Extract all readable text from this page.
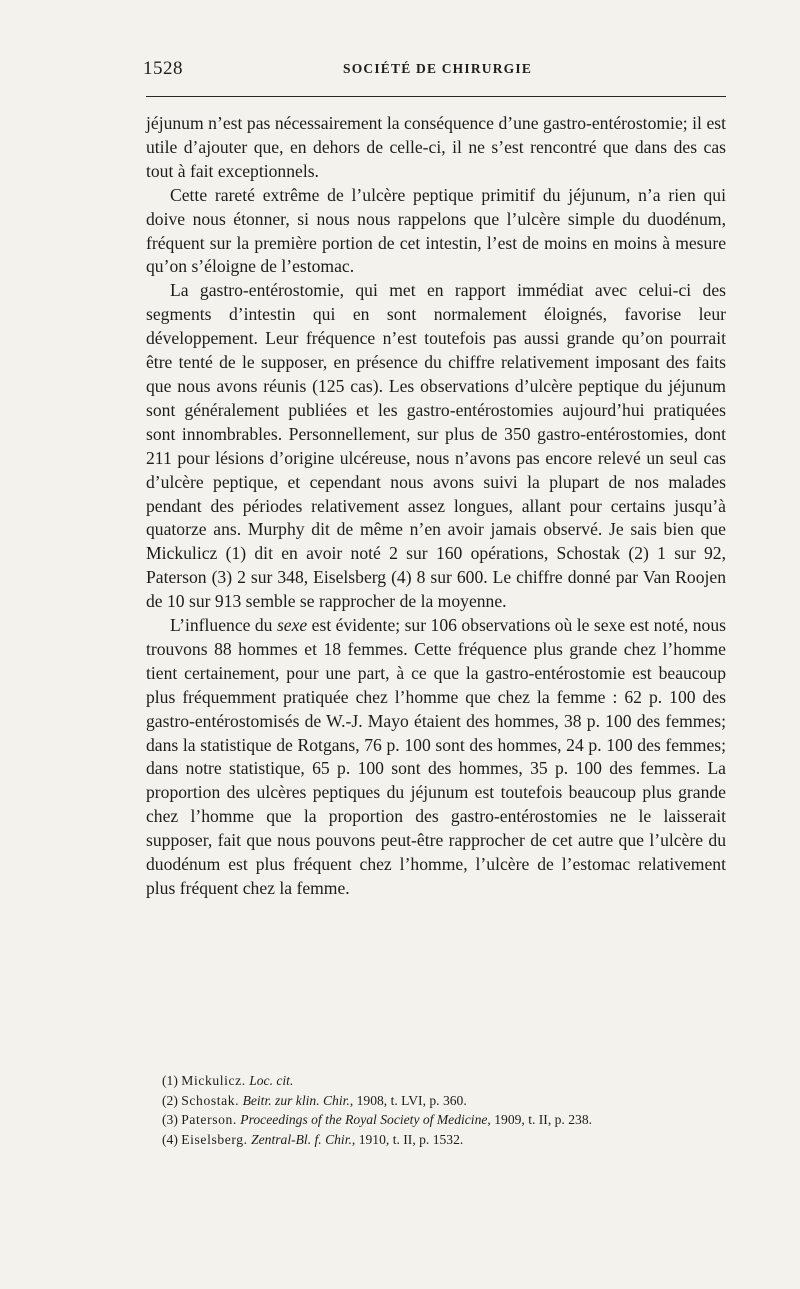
1528	SOCIÉTÉ DE CHIRURGIE

jéjunum n’est pas nécessairement la conséquence d’une gastro-entérostomie; il est utile d’ajouter que, en dehors de celle-ci, il ne s’est rencontré que dans des cas tout à fait exceptionnels.

Cette rareté extrême de l’ulcère peptique primitif du jéjunum, n’a rien qui doive nous étonner, si nous nous rappelons que l’ulcère simple du duodénum, fréquent sur la première portion de cet intestin, l’est de moins en moins à mesure qu’on s’éloigne de l’estomac.

La gastro-entérostomie, qui met en rapport immédiat avec celui-ci des segments d’intestin qui en sont normalement éloignés, favorise leur développement. Leur fréquence n’est toutefois pas aussi grande qu’on pourrait être tenté de le supposer, en présence du chiffre relativement imposant des faits que nous avons réunis (125 cas). Les observations d’ulcère peptique du jéjunum sont généralement publiées et les gastro-entérostomies aujourd’hui pratiquées sont innombrables. Personnellement, sur plus de 350 gastro-entérostomies, dont 211 pour lésions d’origine ulcéreuse, nous n’avons pas encore relevé un seul cas d’ulcère peptique, et cependant nous avons suivi la plupart de nos malades pendant des périodes relativement assez longues, allant pour certains jusqu’à quatorze ans. Murphy dit de même n’en avoir jamais observé. Je sais bien que Mickulicz (1) dit en avoir noté 2 sur 160 opérations, Schostak (2) 1 sur 92, Paterson (3) 2 sur 348, Eiselsberg (4) 8 sur 600. Le chiffre donné par Van Roojen de 10 sur 913 semble se rapprocher de la moyenne.

L’influence du sexe est évidente; sur 106 observations où le sexe est noté, nous trouvons 88 hommes et 18 femmes. Cette fréquence plus grande chez l’homme tient certainement, pour une part, à ce que la gastro-entérostomie est beaucoup plus fréquemment pratiquée chez l’homme que chez la femme : 62 p. 100 des gastro-entérostomisés de W.-J. Mayo étaient des hommes, 38 p. 100 des femmes; dans la statistique de Rotgans, 76 p. 100 sont des hommes, 24 p. 100 des femmes; dans notre statistique, 65 p. 100 sont des hommes, 35 p. 100 des femmes. La proportion des ulcères peptiques du jéjunum est toutefois beaucoup plus grande chez l’homme que la proportion des gastro-entérostomies ne le laisserait supposer, fait que nous pouvons peut-être rapprocher de cet autre que l’ulcère du duodénum est plus fréquent chez l’homme, l’ulcère de l’estomac relativement plus fréquent chez la femme.

(1) Mickulicz. Loc. cit.

(2) Schostak. Beitr. zur klin. Chir., 1908, t. LVI, p. 360.

(3) Paterson. Proceedings of the Royal Society of Medicine, 1909, t. II, p. 238.

(4) Eiselsberg. Zentral-Bl. f. Chir., 1910, t. II, p. 1532.
